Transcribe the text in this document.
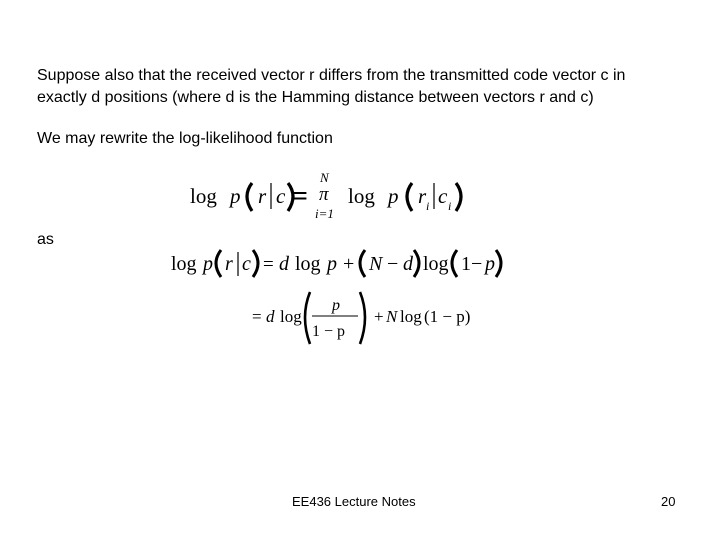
Suppose also that the received vector r differs from the transmitted code vector c in
exactly d positions (where d is the Hamming distance between vectors r and c)
We may rewrite the log-likelihood function
as
log p r c =
N
π
i=1
log p r i c i
log p r c = d log p + N − d log 1 − p
= d log
p
1 − p
+ N log (1 − p)
EE436 Lecture Notes	20
